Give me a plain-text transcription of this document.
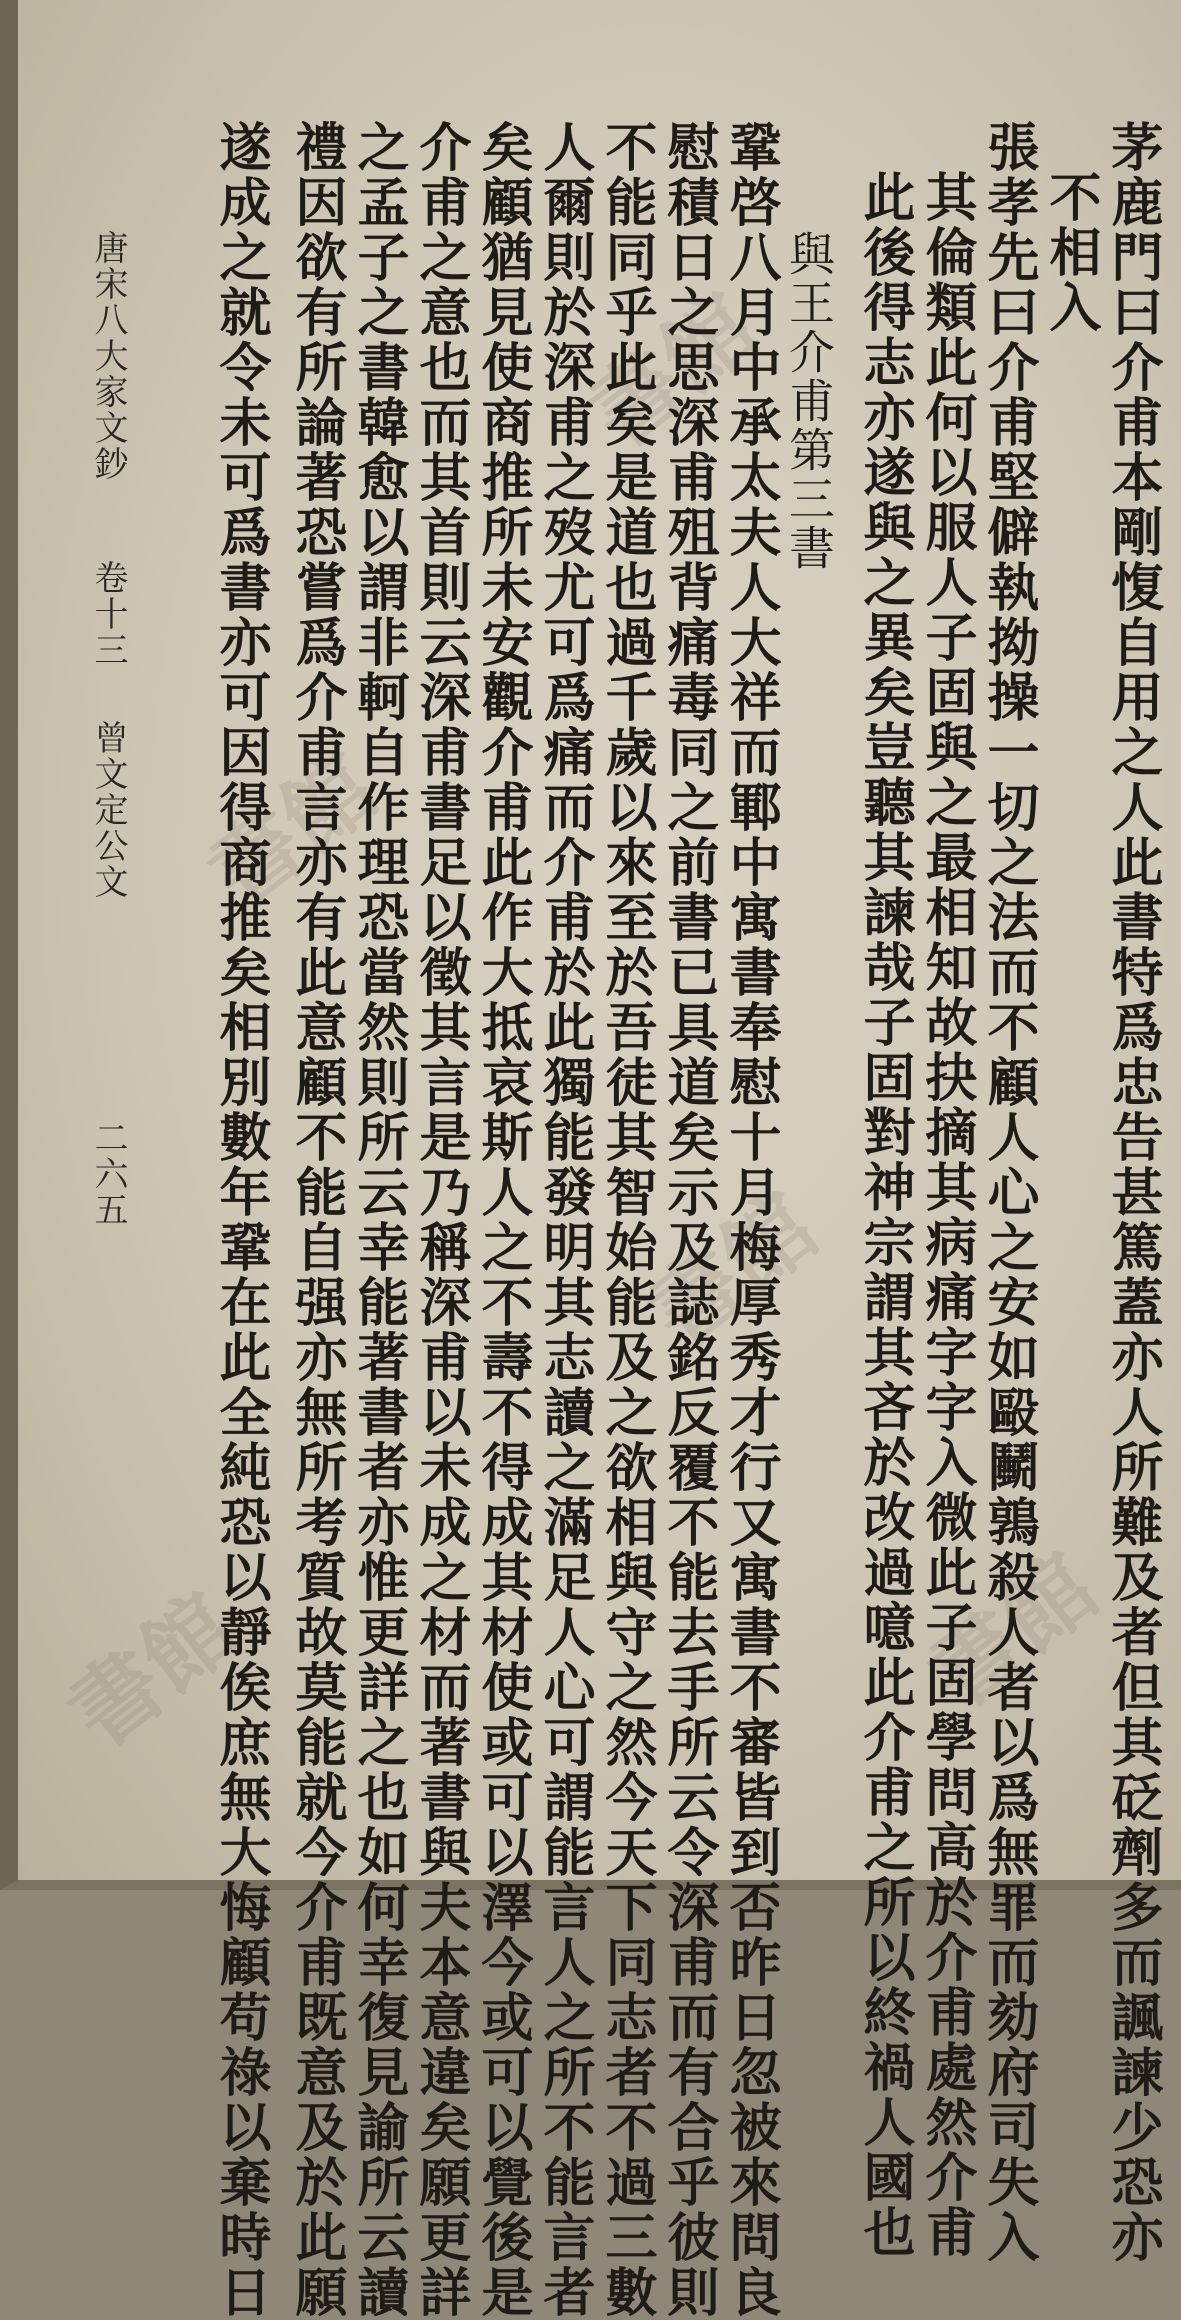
書館
書館
書館
書館	書館
茅鹿門曰介甫本剛愎自用之人此書特爲忠告甚篤蓋亦人所難及者但其砭劑多而諷諫少恐亦
不相入
張孝先曰介甫堅僻執拗操一切之法而不顧人心之安如毆鬭鶉殺人者以爲無罪而劾府司失入
其倫類此何以服人子固與之最相知故抉摘其病痛字字入微此子固學問高於介甫處然介甫
此後得志亦遂與之異矣豈聽其諫哉子固對神宗謂其吝於改過噫此介甫之所以終禍人國也
與王介甫第三書
鞏啓八月中承太夫人大祥而鄆中寓書奉慰十月梅厚秀才行又寓書不審皆到否昨日忽被來問良
慰積日之思深甫殂背痛毒同之前書已具道矣示及誌銘反覆不能去手所云令深甫而有合乎彼則
不能同乎此矣是道也過千歲以來至於吾徒其智始能及之欲相與守之然今天下同志者不過三數
人爾則於深甫之歿尤可爲痛而介甫於此獨能發明其志讀之滿足人心可謂能言人之所不能言者
矣顧猶見使商推所未安觀介甫此作大抵哀斯人之不壽不得成其材使或可以澤今或可以覺後是
介甫之意也而其首則云深甫書足以徵其言是乃稱深甫以未成之材而著書與夫本意違矣願更詳
之孟子之書韓愈以謂非軻自作理恐當然則所云幸能著書者亦惟更詳之也如何幸復見諭所云讀
禮因欲有所論著恐嘗爲介甫言亦有此意顧不能自强亦無所考質故莫能就今介甫既意及於此願
遂成之就令未可爲書亦可因得商推矣相別數年鞏在此全純恐以靜俟庶無大悔顧苟祿以棄時日
唐宋八大家文鈔
卷十三
曾文定公文
二六五
